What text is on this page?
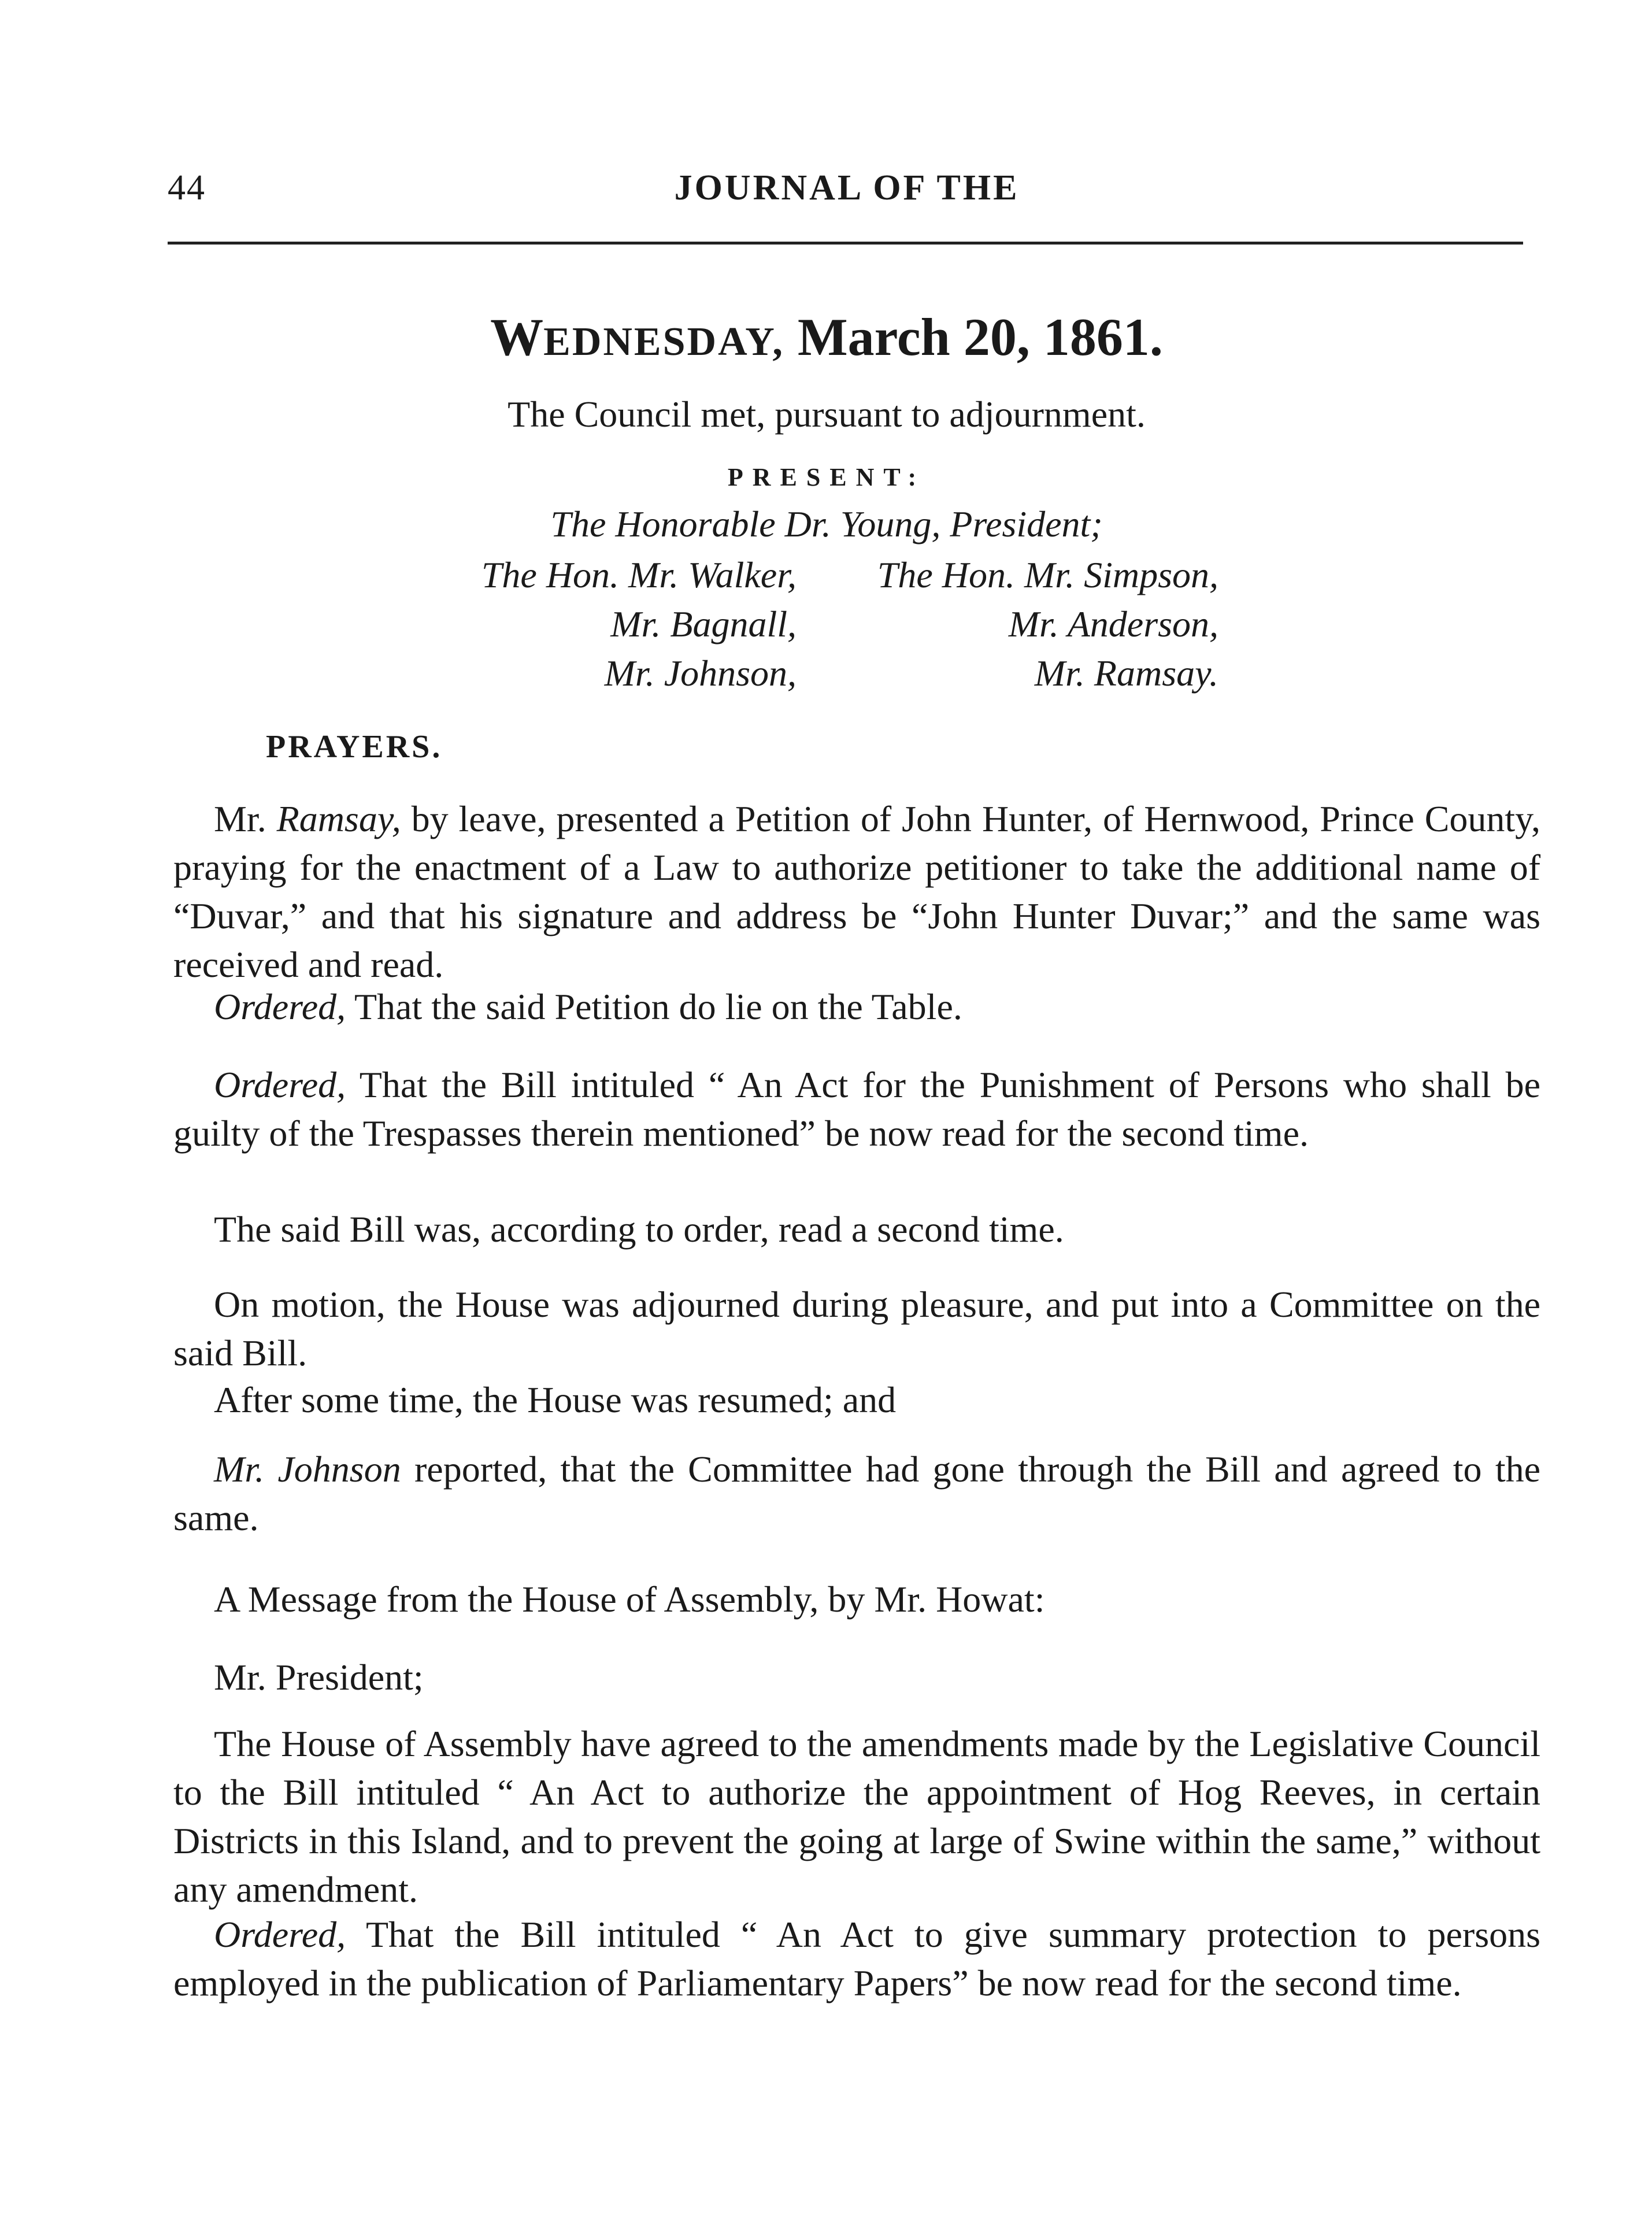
44	JOURNAL OF THE
WEDNESDAY, March 20, 1861.
The Council met, pursuant to adjournment.
PRESENT:
The Honorable Dr. Young, President;
The Hon. Mr. Walker,
Mr. Bagnall,
Mr. Johnson,
The Hon. Mr. Simpson,
Mr. Anderson,
Mr. Ramsay.
PRAYERS.

Mr. Ramsay, by leave, presented a Petition of John Hunter, of Hernwood, Prince County, praying for the enactment of a Law to authorize petitioner to take the additional name of “Duvar,” and that his signature and address be “John Hunter Duvar;” and the same was received and read.

Ordered, That the said Petition do lie on the Table.

Ordered, That the Bill intituled “ An Act for the Punishment of Persons who shall be guilty of the Trespasses therein mentioned” be now read for the second time.

The said Bill was, according to order, read a second time.

On motion, the House was adjourned during pleasure, and put into a Committee on the said Bill.

After some time, the House was resumed; and

Mr. Johnson reported, that the Committee had gone through the Bill and agreed to the same.

A Message from the House of Assembly, by Mr. Howat:

Mr. President;

The House of Assembly have agreed to the amendments made by the Legislative Council to the Bill intituled “ An Act to authorize the appointment of Hog Reeves, in certain Districts in this Island, and to prevent the going at large of Swine within the same,” without any amendment.

Ordered, That the Bill intituled “ An Act to give summary protection to persons employed in the publication of Parliamentary Papers” be now read for the second time.
